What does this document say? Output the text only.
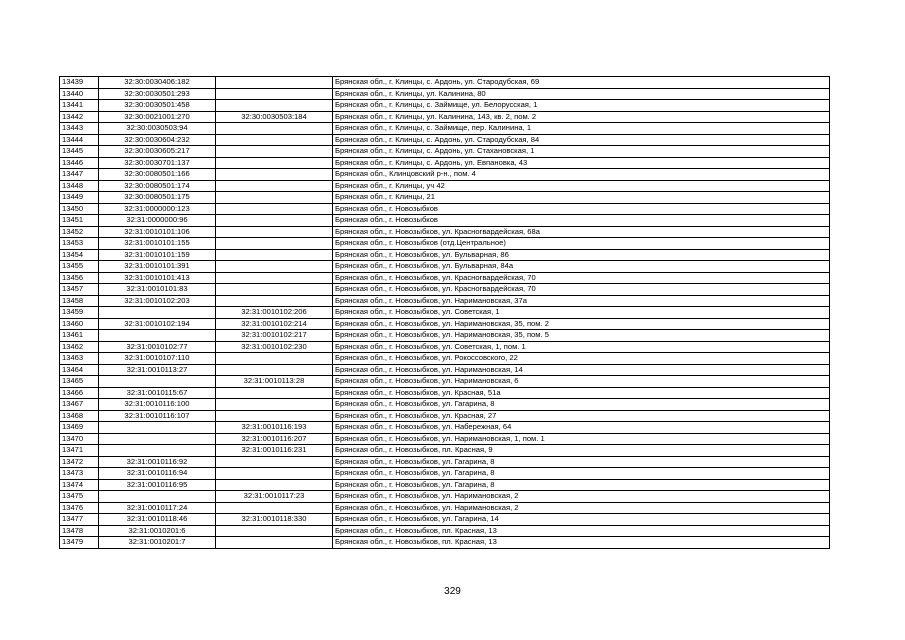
13439	32:30:0030406:182		Брянская обл., г. Клинцы, с. Ардонь, ул. Стародубская, 69
13440	32:30:0030501:293		Брянская обл., г. Клинцы, ул. Калинина, 80
13441	32:30:0030501:458		Брянская обл., г. Клинцы, с. Займище, ул. Белорусская, 1
13442	32:30:0021001:270	32:30:0030503:184	Брянская обл., г. Клинцы, ул. Калинина, 143, кв. 2, пом. 2
13443	32:30:0030503:94		Брянская обл., г. Клинцы, с. Займище, пер. Калинина, 1
13444	32:30:0030604:232		Брянская обл., г. Клинцы, с. Ардонь, ул. Стародубская, 84
13445	32:30:0030605:217		Брянская обл., г. Клинцы, с. Ардонь, ул. Стахановская, 1
13446	32:30:0030701:137		Брянская обл., г. Клинцы, с. Ардонь, ул. Евпановка, 43
13447	32:30:0080501:166		Брянская обл., Клинцовский р-н., пом. 4
13448	32:30:0080501:174		Брянская обл., г. Клинцы, уч 42
13449	32:30:0080501:175		Брянская обл., г. Клинцы, 21
13450	32:31:0000000:123		Брянская обл., г. Новозыбков
13451	32:31:0000000:96		Брянская обл., г. Новозыбков
13452	32:31:0010101:106		Брянская обл., г. Новозыбков, ул. Красногвардейская, 68а
13453	32:31:0010101:155		Брянская обл., г. Новозыбков (отд.Центральное)
13454	32:31:0010101:159		Брянская обл., г. Новозыбков, ул. Бульварная, 86
13455	32:31:0010101:391		Брянская обл., г. Новозыбков, ул. Бульварная, 84а
13456	32:31:0010101:413		Брянская обл., г. Новозыбков, ул. Красногвардейская, 70
13457	32:31:0010101:83		Брянская обл., г. Новозыбков, ул. Красногвардейская, 70
13458	32:31:0010102:203		Брянская обл., г. Новозыбков, ул. Наримановская, 37а
13459		32:31:0010102:206	Брянская обл., г. Новозыбков, ул. Советская, 1
13460	32:31:0010102:194	32:31:0010102:214	Брянская обл., г. Новозыбков, ул. Наримановская, 35, пом. 2
13461		32:31:0010102:217	Брянская обл., г. Новозыбков, ул. Наримановская, 35, пом. 5
13462	32:31:0010102:77	32:31:0010102:230	Брянская обл., г. Новозыбков, ул. Советская, 1, пом. 1
13463	32:31:0010107:110		Брянская обл., г. Новозыбков, ул. Рокоссовского, 22
13464	32:31:0010113:27		Брянская обл., г. Новозыбков, ул. Наримановская, 14
13465		32:31:0010113:28	Брянская обл., г. Новозыбков, ул. Наримановская, 6
13466	32:31:0010115:67		Брянская обл., г. Новозыбков, ул. Красная, 51а
13467	32:31:0010116:100		Брянская обл., г. Новозыбков, ул. Гагарина, 8
13468	32:31:0010116:107		Брянская обл., г. Новозыбков, ул. Красная, 27
13469		32:31:0010116:193	Брянская обл., г. Новозыбков, ул. Набережная, 64
13470		32:31:0010116:207	Брянская обл., г. Новозыбков, ул. Наримановская, 1, пом. 1
13471		32:31:0010116:231	Брянская обл., г. Новозыбков, пл. Красная, 9
13472	32:31:0010116:92		Брянская обл., г. Новозыбков, ул. Гагарина, 8
13473	32:31:0010116:94		Брянская обл., г. Новозыбков, ул. Гагарина, 8
13474	32:31:0010116:95		Брянская обл., г. Новозыбков, ул. Гагарина, 8
13475		32:31:0010117:23	Брянская обл., г. Новозыбков, ул. Наримановская, 2
13476	32:31:0010117:24		Брянская обл., г. Новозыбков, ул. Наримановская, 2
13477	32:31:0010118:46	32:31:0010118:330	Брянская обл., г. Новозыбков, ул. Гагарина, 14
13478	32:31:0010201:6		Брянская обл., г. Новозыбков, пл. Красная, 13
13479	32:31:0010201:7		Брянская обл., г. Новозыбков, пл. Красная, 13
329
